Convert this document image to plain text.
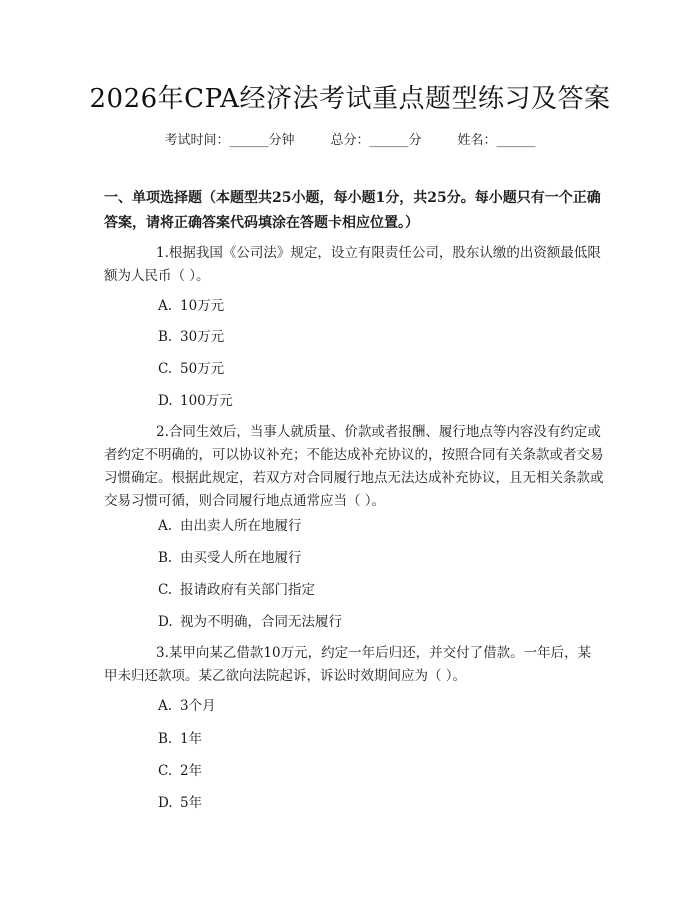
2026年CPA经济法考试重点题型练习及答案
考试时间：______分钟	总分：______分	姓名：______
一、单项选择题（本题型共25小题，每小题1分，共25分。每小题只有一个正确答案，请将正确答案代码填涂在答题卡相应位置。）
1.根据我国《公司法》规定，设立有限责任公司，股东认缴的出资额最低限额为人民币（ ）。
A. 10万元
B. 30万元
C. 50万元
D. 100万元
2.合同生效后，当事人就质量、价款或者报酬、履行地点等内容没有约定或者约定不明确的，可以协议补充；不能达成补充协议的，按照合同有关条款或者交易习惯确定。根据此规定，若双方对合同履行地点无法达成补充协议，且无相关条款或交易习惯可循，则合同履行地点通常应当（ ）。
A. 由出卖人所在地履行
B. 由买受人所在地履行
C. 报请政府有关部门指定
D. 视为不明确，合同无法履行
3.某甲向某乙借款10万元，约定一年后归还，并交付了借款。一年后，某甲未归还款项。某乙欲向法院起诉，诉讼时效期间应为（ ）。
A. 3个月
B. 1年
C. 2年
D. 5年
